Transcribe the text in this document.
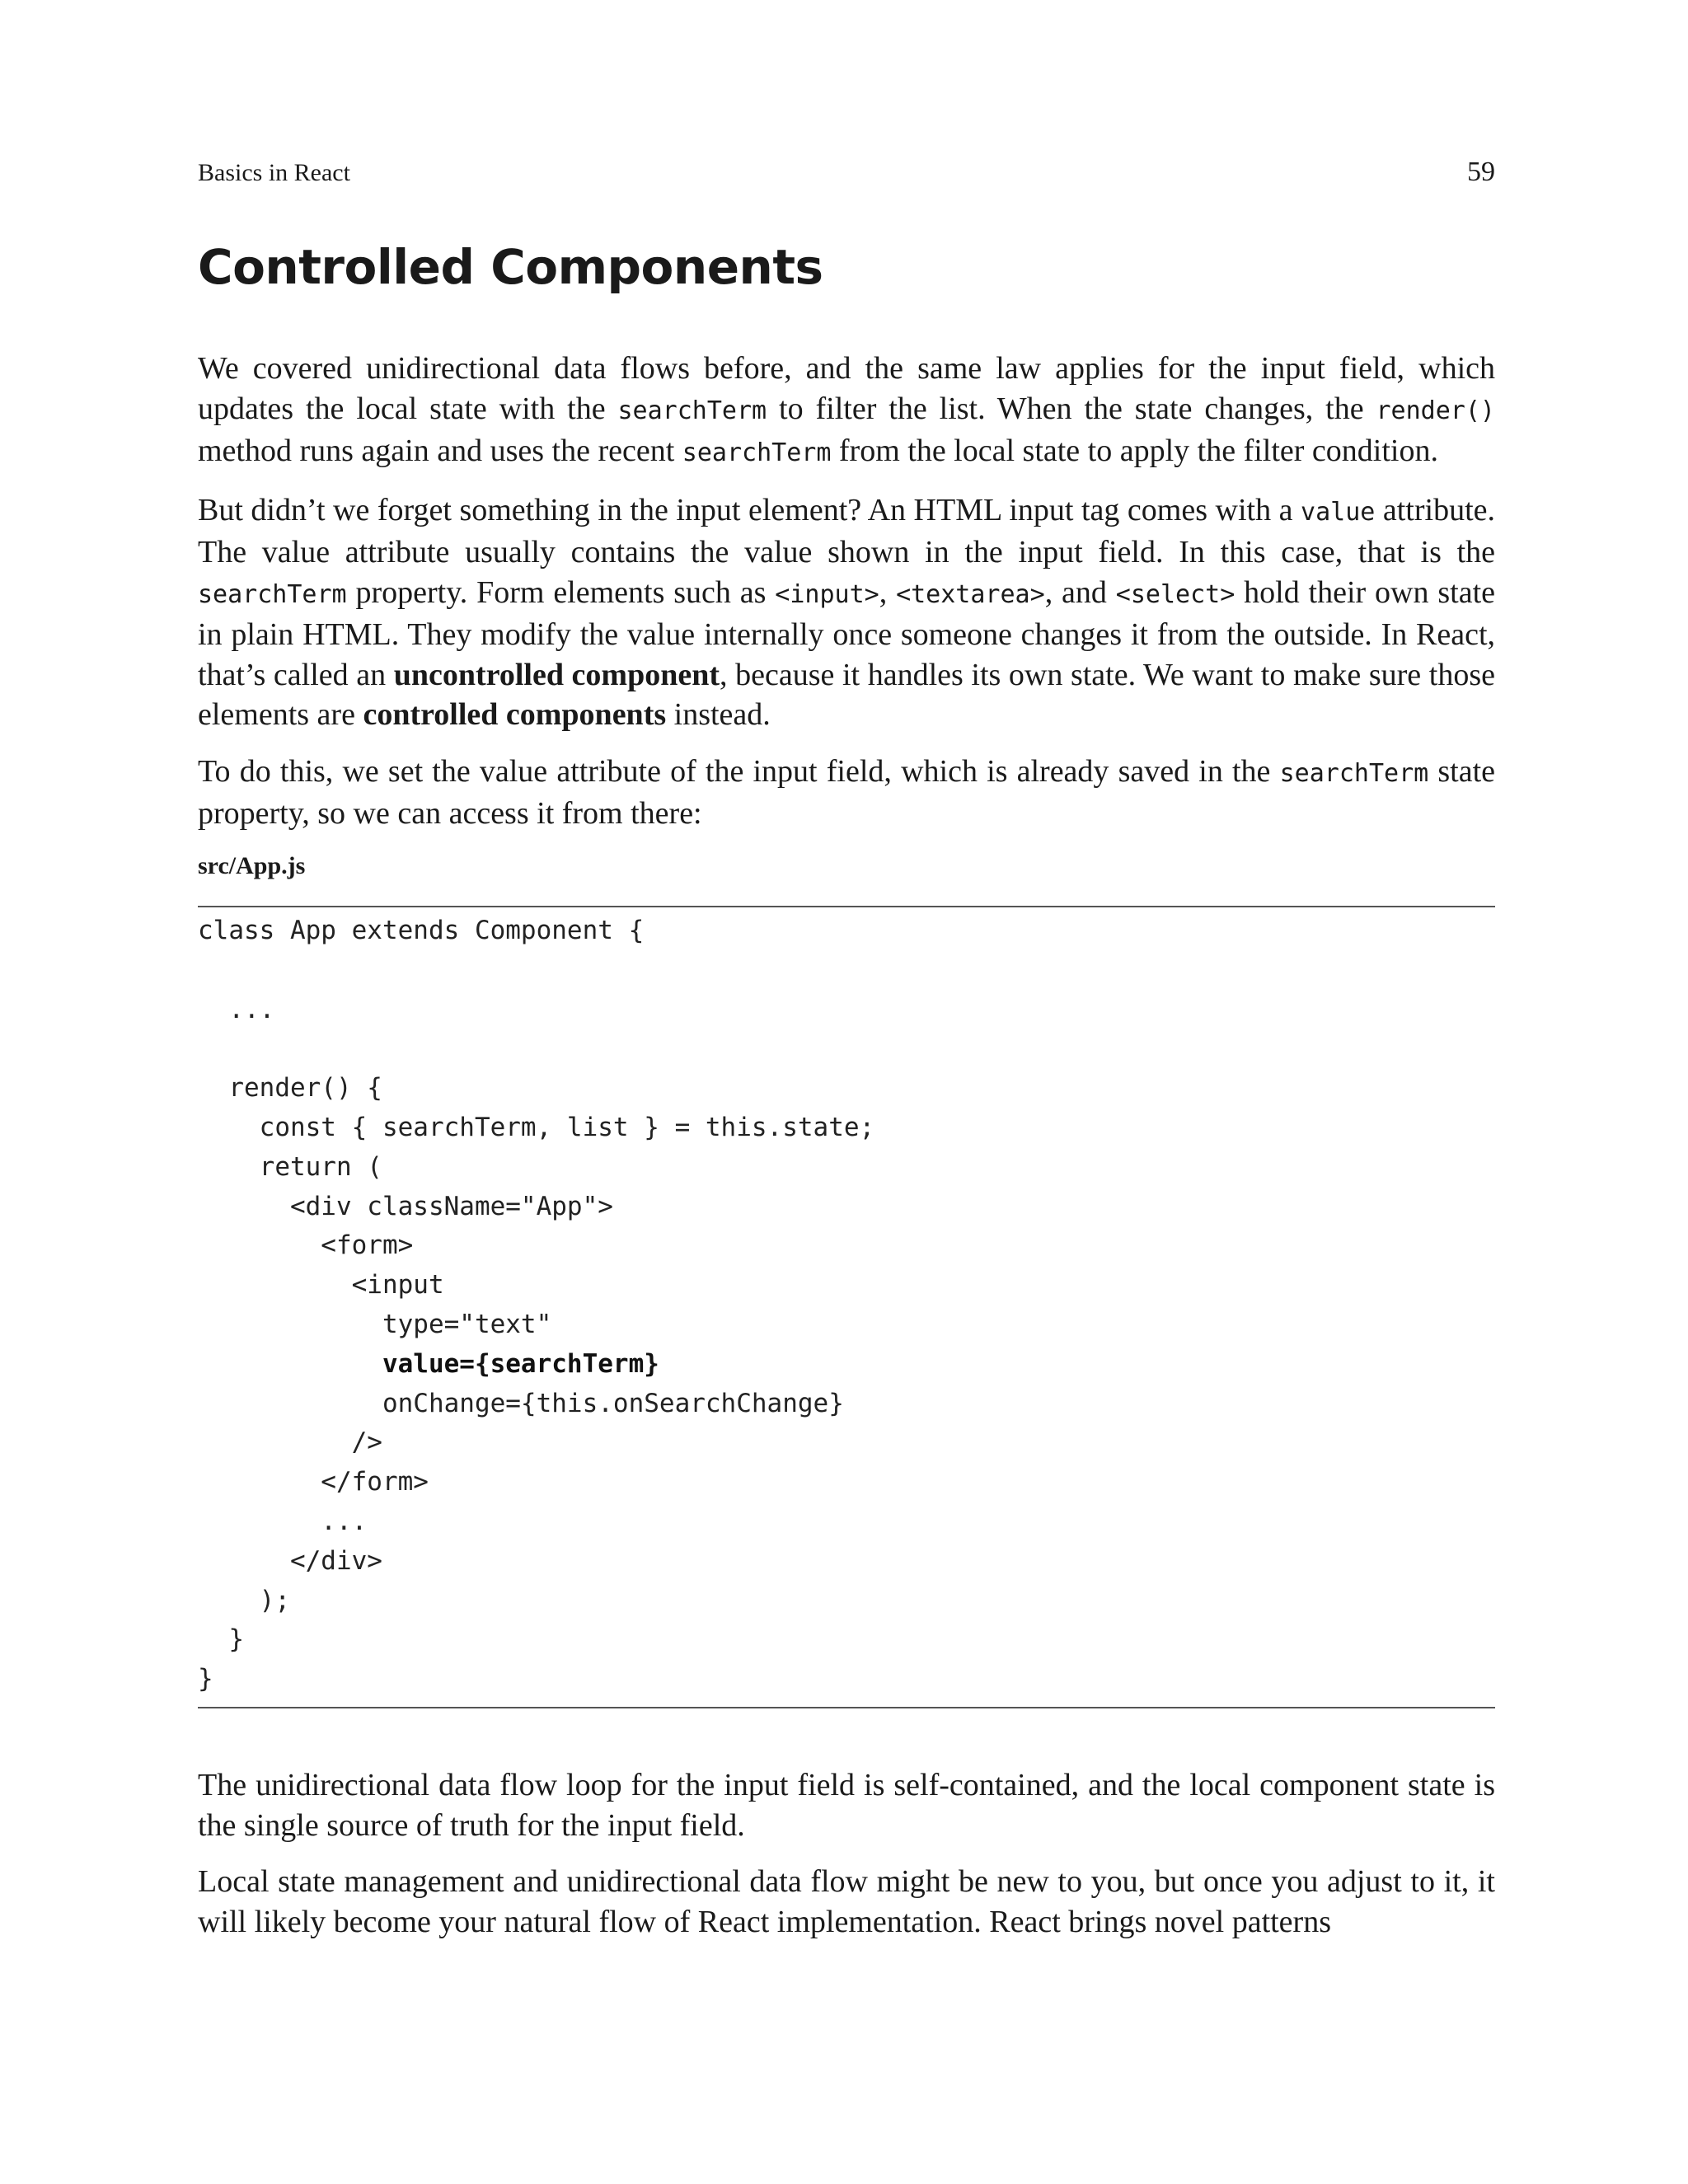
Basics in React	59
Controlled Components

We covered unidirectional data flows before, and the same law applies for the input field, which updates the local state with the searchTerm to filter the list. When the state changes, the render() method runs again and uses the recent searchTerm from the local state to apply the filter condition.

But didn’t we forget something in the input element? An HTML input tag comes with a value attribute. The value attribute usually contains the value shown in the input field. In this case, that is the searchTerm property. Form elements such as <input>, <textarea>, and <select> hold their own state in plain HTML. They modify the value internally once someone changes it from the outside. In React, that’s called an uncontrolled component, because it handles its own state. We want to make sure those elements are controlled components instead.

To do this, we set the value attribute of the input field, which is already saved in the searchTerm state property, so we can access it from there:

src/App.js
class App extends Component {
...
render() {
const { searchTerm, list } = this.state;
return (
<div className="App">
<form>
<input
type="text"
value={searchTerm}
onChange={this.onSearchChange}
/>
</form>
...
</div>
);
}
}

The unidirectional data flow loop for the input field is self-contained, and the local component state is the single source of truth for the input field.

Local state management and unidirectional data flow might be new to you, but once you adjust to it, it will likely become your natural flow of React implementation. React brings novel patterns
